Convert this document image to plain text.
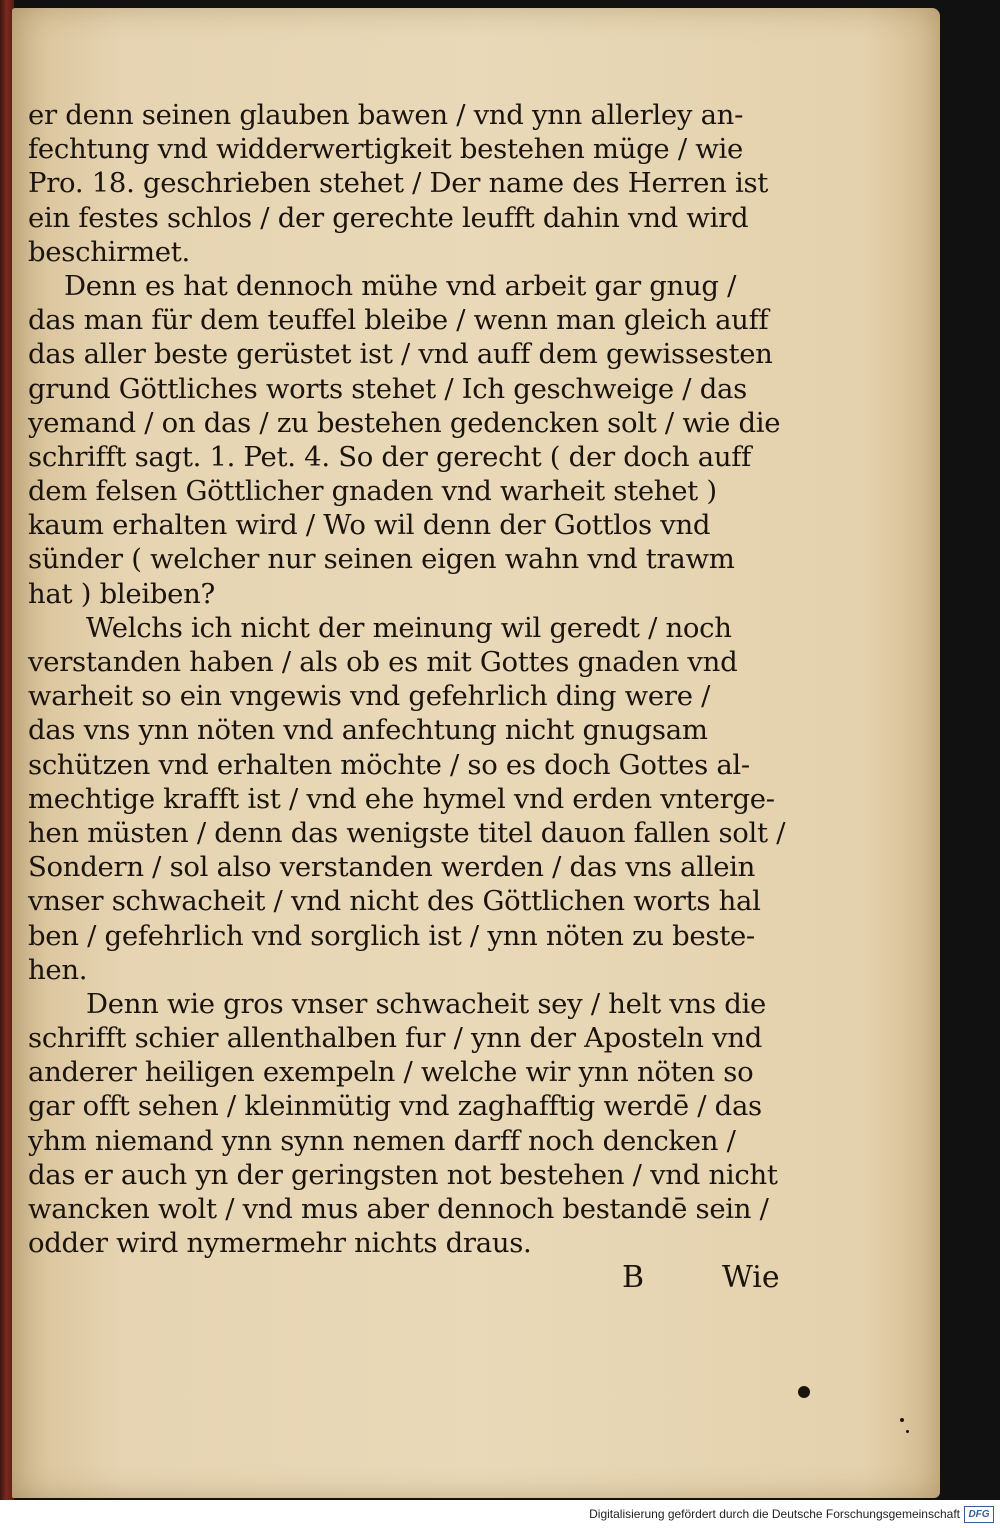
er denn seinen glauben bawen / vnd ynn allerley an-
fechtung vnd widderwertigkeit bestehen müge / wie
Pro. 18. geschrieben stehet / Der name des Herren ist
ein festes schlos / der gerechte leufft dahin vnd wird
beschirmet.
Denn es hat dennoch mühe vnd arbeit gar gnug /
das man für dem teuffel bleibe / wenn man gleich auff
das aller beste gerüstet ist / vnd auff dem gewissesten
grund Göttliches worts stehet / Ich geschweige / das
yemand / on das / zu bestehen gedencken solt / wie die
schrifft sagt. 1. Pet. 4. So der gerecht ( der doch auff
dem felsen Göttlicher gnaden vnd warheit stehet )
kaum erhalten wird / Wo wil denn der Gottlos vnd
sünder ( welcher nur seinen eigen wahn vnd trawm
hat ) bleiben?
Welchs ich nicht der meinung wil geredt / noch
verstanden haben / als ob es mit Gottes gnaden vnd
warheit so ein vngewis vnd gefehrlich ding were /
das vns ynn nöten vnd anfechtung nicht gnugsam
schützen vnd erhalten möchte / so es doch Gottes al-
mechtige krafft ist / vnd ehe hymel vnd erden vnterge-
hen müsten / denn das wenigste titel dauon fallen solt /
Sondern / sol also verstanden werden / das vns allein
vnser schwacheit / vnd nicht des Göttlichen worts hal
ben / gefehrlich vnd sorglich ist / ynn nöten zu beste-
hen.
Denn wie gros vnser schwacheit sey / helt vns die
schrifft schier allenthalben fur / ynn der Aposteln vnd
anderer heiligen exempeln / welche wir ynn nöten so
gar offt sehen / kleinmütig vnd zaghafftig werdē / das
yhm niemand ynn synn nemen darff noch dencken /
das er auch yn der geringsten not bestehen / vnd nicht
wancken wolt / vnd mus aber dennoch bestandē sein /
odder wird nymermehr nichts draus.
B	Wie
Digitalisierung gefördert durch die Deutsche Forschungsgemeinschaft DFG
